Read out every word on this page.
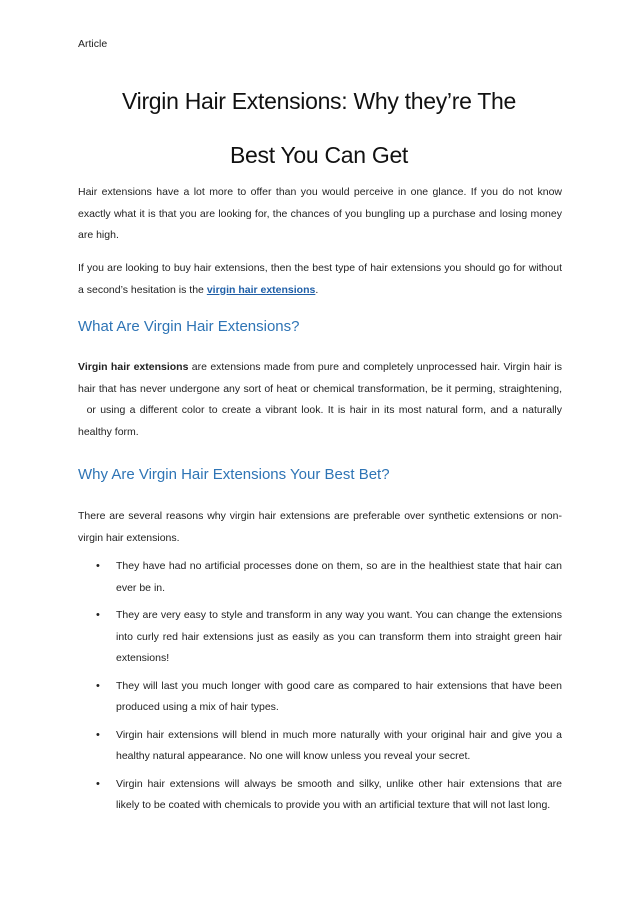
Article
Virgin Hair Extensions: Why they’re The
Best You Can Get
Hair extensions have a lot more to offer than you would perceive in one glance. If you do not know exactly what it is that you are looking for, the chances of you bungling up a purchase and losing money are high.
If you are looking to buy hair extensions, then the best type of hair extensions you should go for without a second’s hesitation is the virgin hair extensions.
What Are Virgin Hair Extensions?
Virgin hair extensions are extensions made from pure and completely unprocessed hair. Virgin hair is hair that has never undergone any sort of heat or chemical transformation, be it perming, straightening,   or using a different color to create a vibrant look. It is hair in its most natural form, and a naturally healthy form.
Why Are Virgin Hair Extensions Your Best Bet?
There are several reasons why virgin hair extensions are preferable over synthetic extensions or non-virgin hair extensions.
• They have had no artificial processes done on them, so are in the healthiest state that hair can ever be in.
• They are very easy to style and transform in any way you want. You can change the extensions into curly red hair extensions just as easily as you can transform them into straight green hair extensions!
• They will last you much longer with good care as compared to hair extensions that have been produced using a mix of hair types.
• Virgin hair extensions will blend in much more naturally with your original hair and give you a healthy natural appearance. No one will know unless you reveal your secret.
• Virgin hair extensions will always be smooth and silky, unlike other hair extensions that are likely to be coated with chemicals to provide you with an artificial texture that will not last long.
